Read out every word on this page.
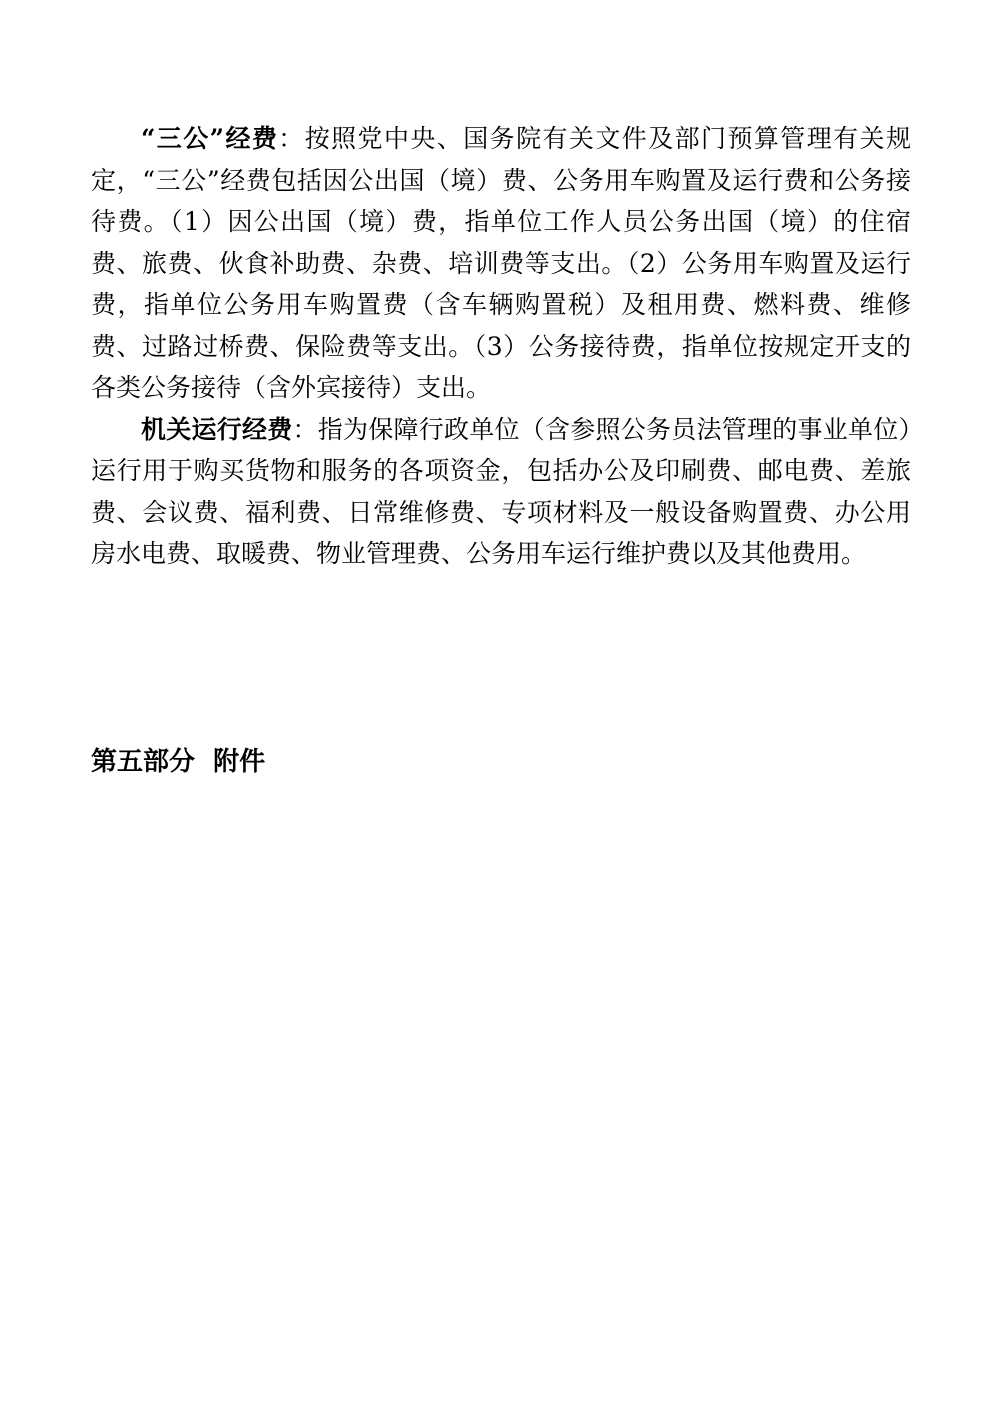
“三公”经费：按照党中央、国务院有关文件及部门预算管理有关规定，“三公”经费包括因公出国（境）费、公务用车购置及运行费和公务接待费。（1）因公出国（境）费，指单位工作人员公务出国（境）的住宿费、旅费、伙食补助费、杂费、培训费等支出。（2）公务用车购置及运行费，指单位公务用车购置费（含车辆购置税）及租用费、燃料费、维修费、过路过桥费、保险费等支出。（3）公务接待费，指单位按规定开支的各类公务接待（含外宾接待）支出。

机关运行经费：指为保障行政单位（含参照公务员法管理的事业单位）运行用于购买货物和服务的各项资金，包括办公及印刷费、邮电费、差旅费、会议费、福利费、日常维修费、专项材料及一般设备购置费、办公用房水电费、取暖费、物业管理费、公务用车运行维护费以及其他费用。

第五部分  附件
